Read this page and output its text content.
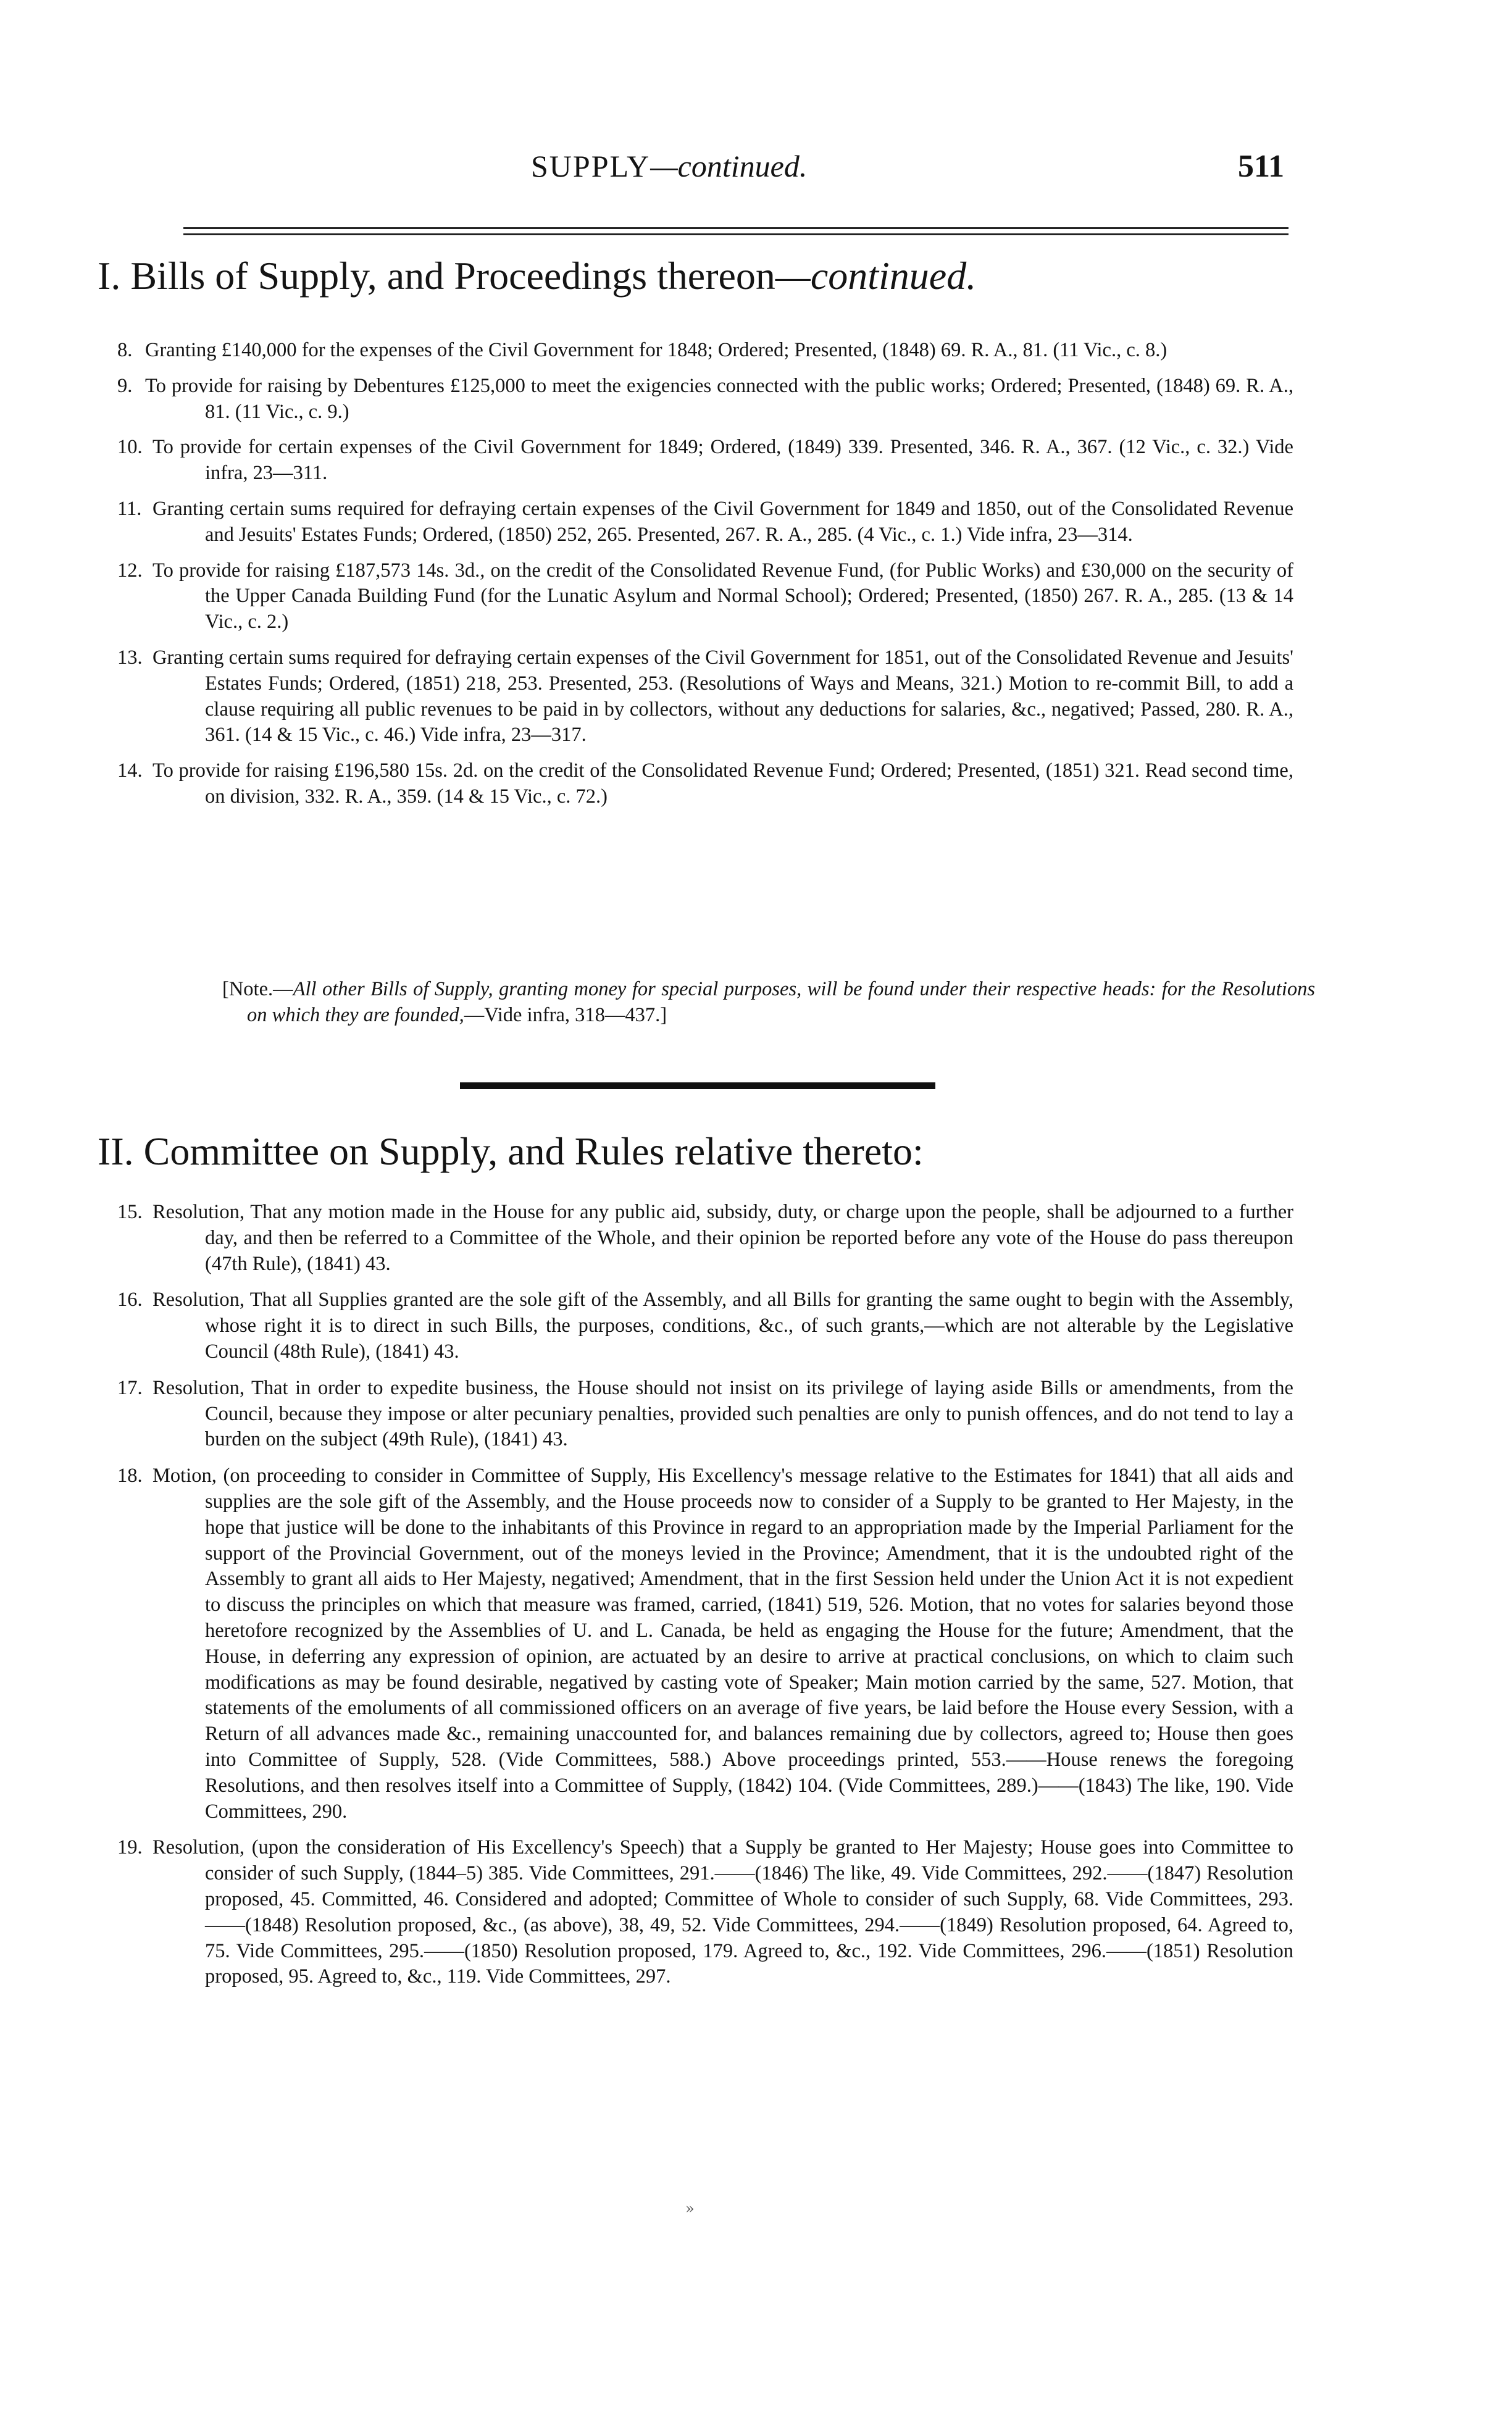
SUPPLY—continued.	511
I. Bills of Supply, and Proceedings thereon—continued.
8. Granting £140,000 for the expenses of the Civil Government for 1848; Ordered; Presented, (1848) 69. R. A., 81. (11 Vic., c. 8.)
9. To provide for raising by Debentures £125,000 to meet the exigencies connected with the public works; Ordered; Presented, (1848) 69. R. A., 81. (11 Vic., c. 9.)
10. To provide for certain expenses of the Civil Government for 1849; Ordered, (1849) 339. Presented, 346. R. A., 367. (12 Vic., c. 32.) Vide infra, 23—311.
11. Granting certain sums required for defraying certain expenses of the Civil Government for 1849 and 1850, out of the Consolidated Revenue and Jesuits' Estates Funds; Ordered, (1850) 252, 265. Presented, 267. R. A., 285. (4 Vic., c. 1.) Vide infra, 23—314.
12. To provide for raising £187,573 14s. 3d., on the credit of the Consolidated Revenue Fund, (for Public Works) and £30,000 on the security of the Upper Canada Building Fund (for the Lunatic Asylum and Normal School); Ordered; Presented, (1850) 267. R. A., 285. (13 & 14 Vic., c. 2.)
13. Granting certain sums required for defraying certain expenses of the Civil Government for 1851, out of the Consolidated Revenue and Jesuits' Estates Funds; Ordered, (1851) 218, 253. Presented, 253. (Resolutions of Ways and Means, 321.) Motion to re-commit Bill, to add a clause requiring all public revenues to be paid in by collectors, without any deductions for salaries, &c., negatived; Passed, 280. R. A., 361. (14 & 15 Vic., c. 46.) Vide infra, 23—317.
14. To provide for raising £196,580 15s. 2d. on the credit of the Consolidated Revenue Fund; Ordered; Presented, (1851) 321. Read second time, on division, 332. R. A., 359. (14 & 15 Vic., c. 72.)
[Note.—All other Bills of Supply, granting money for special purposes, will be found under their respective heads: for the Resolutions on which they are founded,—Vide infra, 318—437.]
II. Committee on Supply, and Rules relative thereto:
15. Resolution, That any motion made in the House for any public aid, subsidy, duty, or charge upon the people, shall be adjourned to a further day, and then be referred to a Committee of the Whole, and their opinion be reported before any vote of the House do pass thereupon (47th Rule), (1841) 43.
16. Resolution, That all Supplies granted are the sole gift of the Assembly, and all Bills for granting the same ought to begin with the Assembly, whose right it is to direct in such Bills, the purposes, conditions, &c., of such grants,—which are not alterable by the Legislative Council (48th Rule), (1841) 43.
17. Resolution, That in order to expedite business, the House should not insist on its privilege of laying aside Bills or amendments, from the Council, because they impose or alter pecuniary penalties, provided such penalties are only to punish offences, and do not tend to lay a burden on the subject (49th Rule), (1841) 43.
18. Motion, (on proceeding to consider in Committee of Supply, His Excellency's message relative to the Estimates for 1841) that all aids and supplies are the sole gift of the Assembly, and the House proceeds now to consider of a Supply to be granted to Her Majesty, in the hope that justice will be done to the inhabitants of this Province in regard to an appropriation made by the Imperial Parliament for the support of the Provincial Government, out of the moneys levied in the Province; Amendment, that it is the undoubted right of the Assembly to grant all aids to Her Majesty, negatived; Amendment, that in the first Session held under the Union Act it is not expedient to discuss the principles on which that measure was framed, carried, (1841) 519, 526. Motion, that no votes for salaries beyond those heretofore recognized by the Assemblies of U. and L. Canada, be held as engaging the House for the future; Amendment, that the House, in deferring any expression of opinion, are actuated by an desire to arrive at practical conclusions, on which to claim such modifications as may be found desirable, negatived by casting vote of Speaker; Main motion carried by the same, 527. Motion, that statements of the emoluments of all commissioned officers on an average of five years, be laid before the House every Session, with a Return of all advances made &c., remaining unaccounted for, and balances remaining due by collectors, agreed to; House then goes into Committee of Supply, 528. (Vide Committees, 588.) Above proceedings printed, 553.——House renews the foregoing Resolutions, and then resolves itself into a Committee of Supply, (1842) 104. (Vide Committees, 289.)——(1843) The like, 190. Vide Committees, 290.
19. Resolution, (upon the consideration of His Excellency's Speech) that a Supply be granted to Her Majesty; House goes into Committee to consider of such Supply, (1844–5) 385. Vide Committees, 291.——(1846) The like, 49. Vide Committees, 292.——(1847) Resolution proposed, 45. Committed, 46. Considered and adopted; Committee of Whole to consider of such Supply, 68. Vide Committees, 293.——(1848) Resolution proposed, &c., (as above), 38, 49, 52. Vide Committees, 294.——(1849) Resolution proposed, 64. Agreed to, 75. Vide Committees, 295.——(1850) Resolution proposed, 179. Agreed to, &c., 192. Vide Committees, 296.——(1851) Resolution proposed, 95. Agreed to, &c., 119. Vide Committees, 297.
»
